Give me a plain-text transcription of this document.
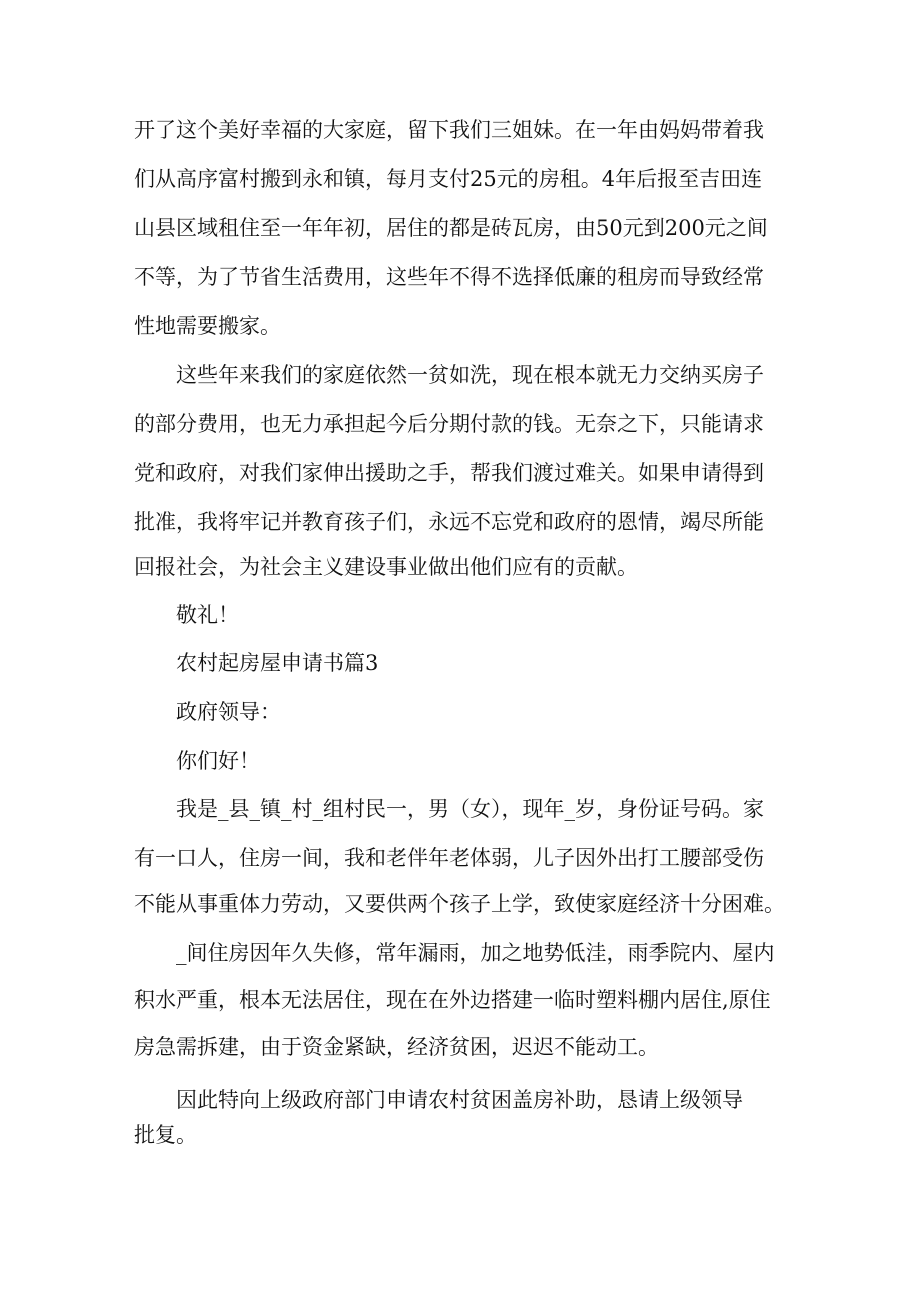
开了这个美好幸福的大家庭，留下我们三姐妹。在一年由妈妈带着我
们从高序富村搬到永和镇，每月支付25元的房租。4年后报至吉田连
山县区域租住至一年年初，居住的都是砖瓦房，由50元到200元之间
不等，为了节省生活费用，这些年不得不选择低廉的租房而导致经常
性地需要搬家。
这些年来我们的家庭依然一贫如洗，现在根本就无力交纳买房子
的部分费用，也无力承担起今后分期付款的钱。无奈之下，只能请求
党和政府，对我们家伸出援助之手，帮我们渡过难关。如果申请得到
批准，我将牢记并教育孩子们，永远不忘党和政府的恩情，竭尽所能
回报社会，为社会主义建设事业做出他们应有的贡献。
敬礼！
农村起房屋申请书篇3
政府领导：
你们好！
我是_县_镇_村_组村民一，男（女），现年_岁，身份证号码。家
有一口人，住房一间，我和老伴年老体弱，儿子因外出打工腰部受伤
不能从事重体力劳动，又要供两个孩子上学，致使家庭经济十分困难。
_间住房因年久失修，常年漏雨，加之地势低洼，雨季院内、屋内
积水严重，根本无法居住，现在在外边搭建一临时塑料棚内居住,原住
房急需拆建，由于资金紧缺，经济贫困，迟迟不能动工。
因此特向上级政府部门申请农村贫困盖房补助，恳请上级领导
批复。
